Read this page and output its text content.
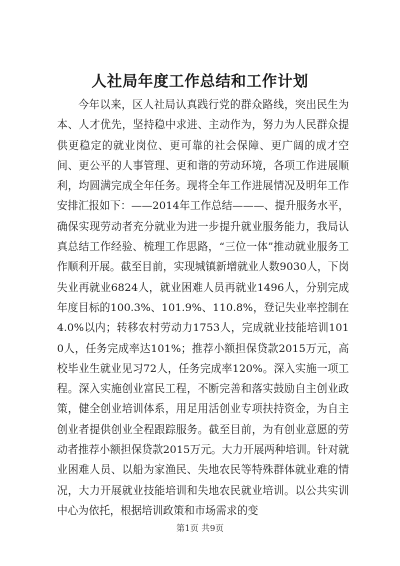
人社局年度工作总结和工作计划

今年以来，区人社局认真践行党的群众路线，突出民生为本、人才优先，坚持稳中求进、主动作为，努力为人民群众提供更稳定的就业岗位、更可靠的社会保障、更广阔的成才空间、更公平的人事管理、更和谐的劳动环境，各项工作进展顺利，均圆满完成全年任务。现将全年工作进展情况及明年工作安排汇报如下：——2014年工作总结———、提升服务水平，确保实现劳动者充分就业为进一步提升就业服务能力，我局认真总结工作经验、梳理工作思路，“三位一体”推动就业服务工作顺利开展。截至目前，实现城镇新增就业人数9030人，下岗失业再就业6824人，就业困难人员再就业1496人，分别完成年度目标的100.3%、101.9%、110.8%，登记失业率控制在4.0%以内；转移农村劳动力1753人，完成就业技能培训1010人，任务完成率达101%；推荐小额担保贷款2015万元，高校毕业生就业见习72人，任务完成率120%。深入实施一项工程。深入实施创业富民工程，不断完善和落实鼓励自主创业政策，健全创业培训体系，用足用活创业专项扶持资金，为自主创业者提供创业全程跟踪服务。截至目前，为有创业意愿的劳动者推荐小额担保贷款2015万元。大力开展两种培训。针对就业困难人员、以船为家渔民、失地农民等特殊群体就业难的情况，大力开展就业技能培训和失地农民就业培训。以公共实训中心为依托，根据培训政策和市场需求的变

第1页 共9页
